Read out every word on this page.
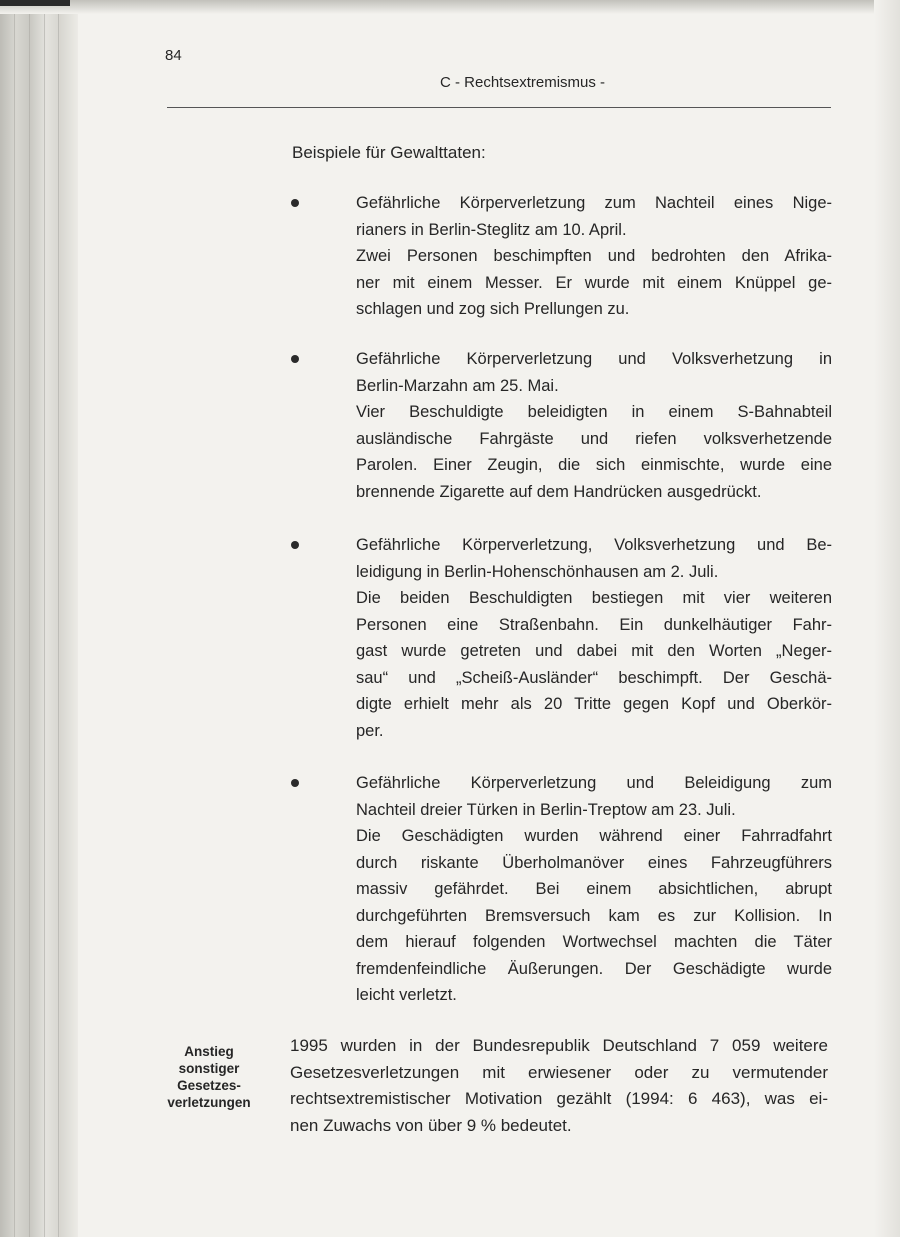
84
C - Rechtsextremismus -
Beispiele für Gewalttaten:
Gefährliche Körperverletzung zum Nachteil eines Nige-
rianers in Berlin-Steglitz am 10. April.
Zwei Personen beschimpften und bedrohten den Afrika-
ner mit einem Messer. Er wurde mit einem Knüppel ge-
schlagen und zog sich Prellungen zu.
Gefährliche Körperverletzung und Volksverhetzung in
Berlin-Marzahn am 25. Mai.
Vier Beschuldigte beleidigten in einem S-Bahnabteil
ausländische Fahrgäste und riefen volksverhetzende
Parolen. Einer Zeugin, die sich einmischte, wurde eine
brennende Zigarette auf dem Handrücken ausgedrückt.
Gefährliche Körperverletzung, Volksverhetzung und Be-
leidigung in Berlin-Hohenschönhausen am 2. Juli.
Die beiden Beschuldigten bestiegen mit vier weiteren
Personen eine Straßenbahn. Ein dunkelhäutiger Fahr-
gast wurde getreten und dabei mit den Worten „Neger-
sau“ und „Scheiß-Ausländer“ beschimpft. Der Geschä-
digte erhielt mehr als 20 Tritte gegen Kopf und Oberkör-
per.
Gefährliche Körperverletzung und Beleidigung zum
Nachteil dreier Türken in Berlin-Treptow am 23. Juli.
Die Geschädigten wurden während einer Fahrradfahrt
durch riskante Überholmanöver eines Fahrzeugführers
massiv gefährdet. Bei einem absichtlichen, abrupt
durchgeführten Bremsversuch kam es zur Kollision. In
dem hierauf folgenden Wortwechsel machten die Täter
fremdenfeindliche Äußerungen. Der Geschädigte wurde
leicht verletzt.
Anstieg
sonstiger
Gesetzes-
verletzungen
1995 wurden in der Bundesrepublik Deutschland 7 059 weitere
Gesetzesverletzungen mit erwiesener oder zu vermutender
rechtsextremistischer Motivation gezählt (1994: 6 463), was ei-
nen Zuwachs von über 9 % bedeutet.
